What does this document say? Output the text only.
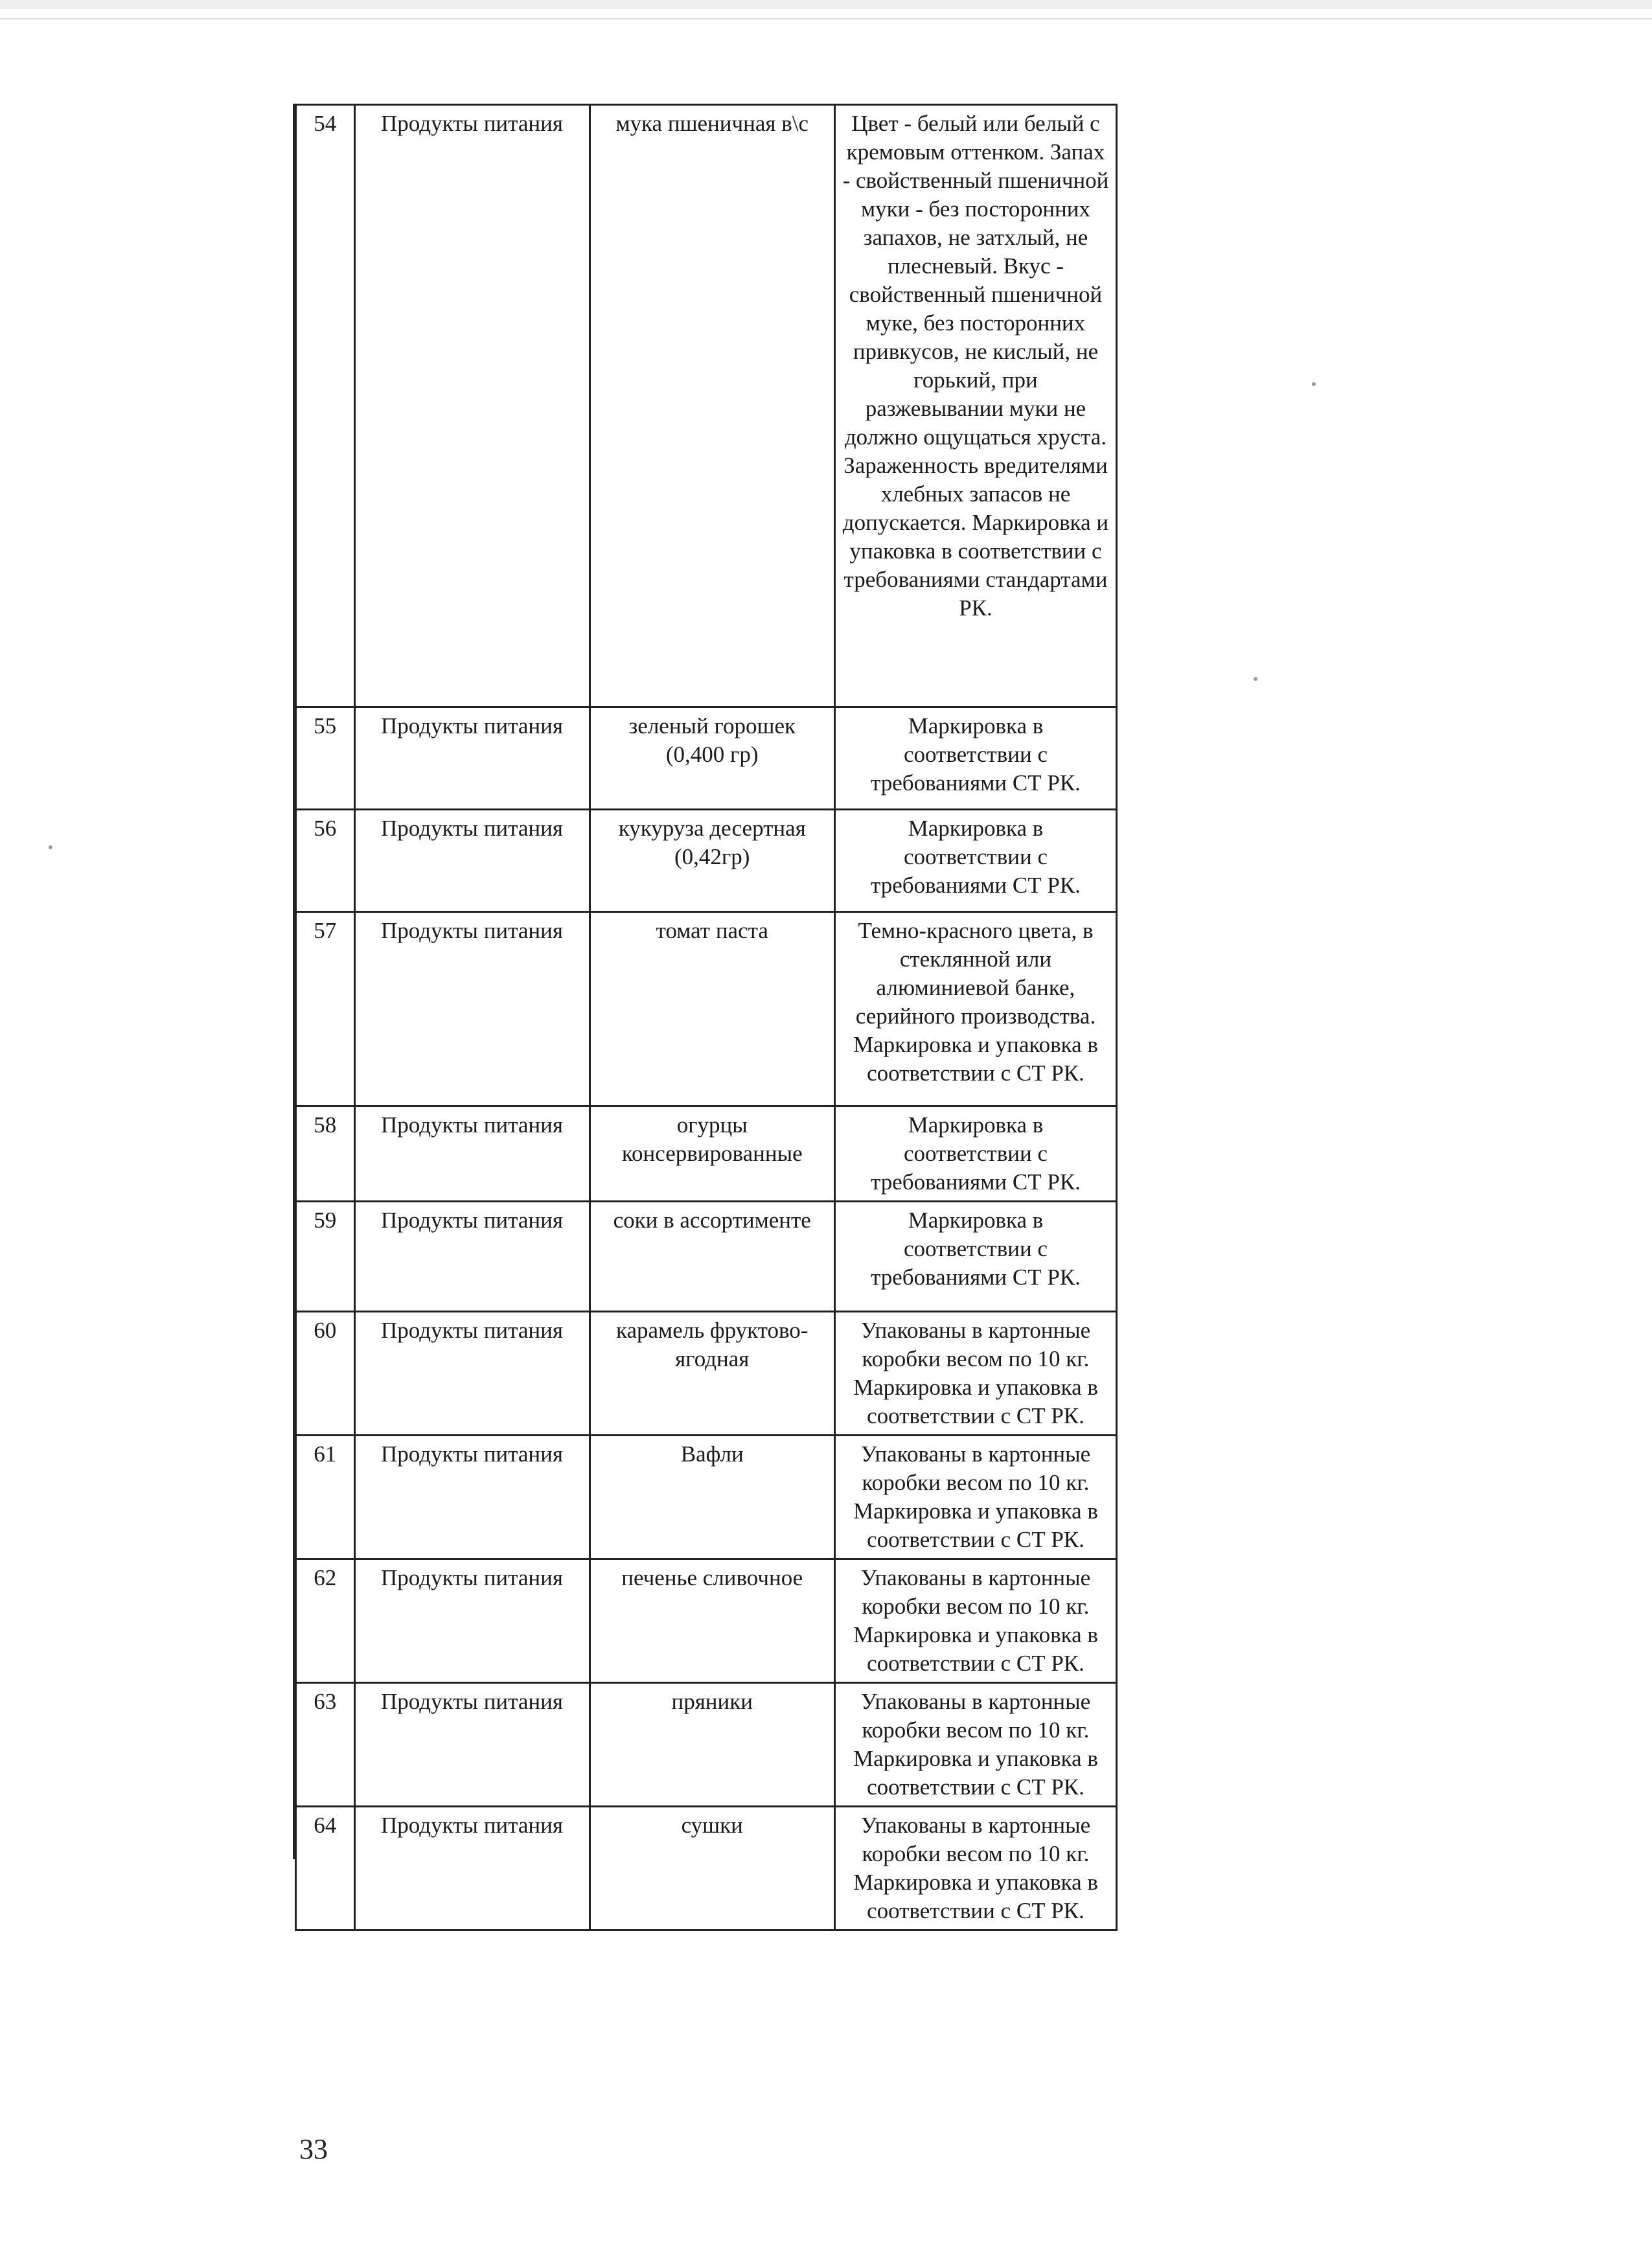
54	Продукты питания	мука пшеничная в\с	Цвет - белый или белый с кремовым оттенком. Запах - свойственный пшеничной муки - без посторонних запахов, не затхлый, не плесневый. Вкус - свойственный пшеничной муке, без посторонних привкусов, не кислый, не горький, при разжевывании муки не должно ощущаться хруста. Зараженность вредителями хлебных запасов не допускается. Маркировка и упаковка в соответствии с требованиями стандартами РК.
55	Продукты питания	зеленый горошек (0,400 гр)	Маркировка в соответствии с требованиями СТ РК.
56	Продукты питания	кукуруза десертная (0,42гр)	Маркировка в соответствии с требованиями СТ РК.
57	Продукты питания	томат паста	Темно-красного цвета, в стеклянной или алюминиевой банке, серийного производства. Маркировка и упаковка в соответствии с СТ РК.
58	Продукты питания	огурцы консервированные	Маркировка в соответствии с требованиями СТ РК.
59	Продукты питания	соки в ассортименте	Маркировка в соответствии с требованиями СТ РК.
60	Продукты питания	карамель фруктово-ягодная	Упакованы в картонные коробки весом по 10 кг. Маркировка и упаковка в соответствии с СТ РК.
61	Продукты питания	Вафли	Упакованы в картонные коробки весом по 10 кг. Маркировка и упаковка в соответствии с СТ РК.
62	Продукты питания	печенье сливочное	Упакованы в картонные коробки весом по 10 кг. Маркировка и упаковка в соответствии с СТ РК.
63	Продукты питания	пряники	Упакованы в картонные коробки весом по 10 кг. Маркировка и упаковка в соответствии с СТ РК.
64	Продукты питания	сушки	Упакованы в картонные коробки весом по 10 кг. Маркировка и упаковка в соответствии с СТ РК.
33
